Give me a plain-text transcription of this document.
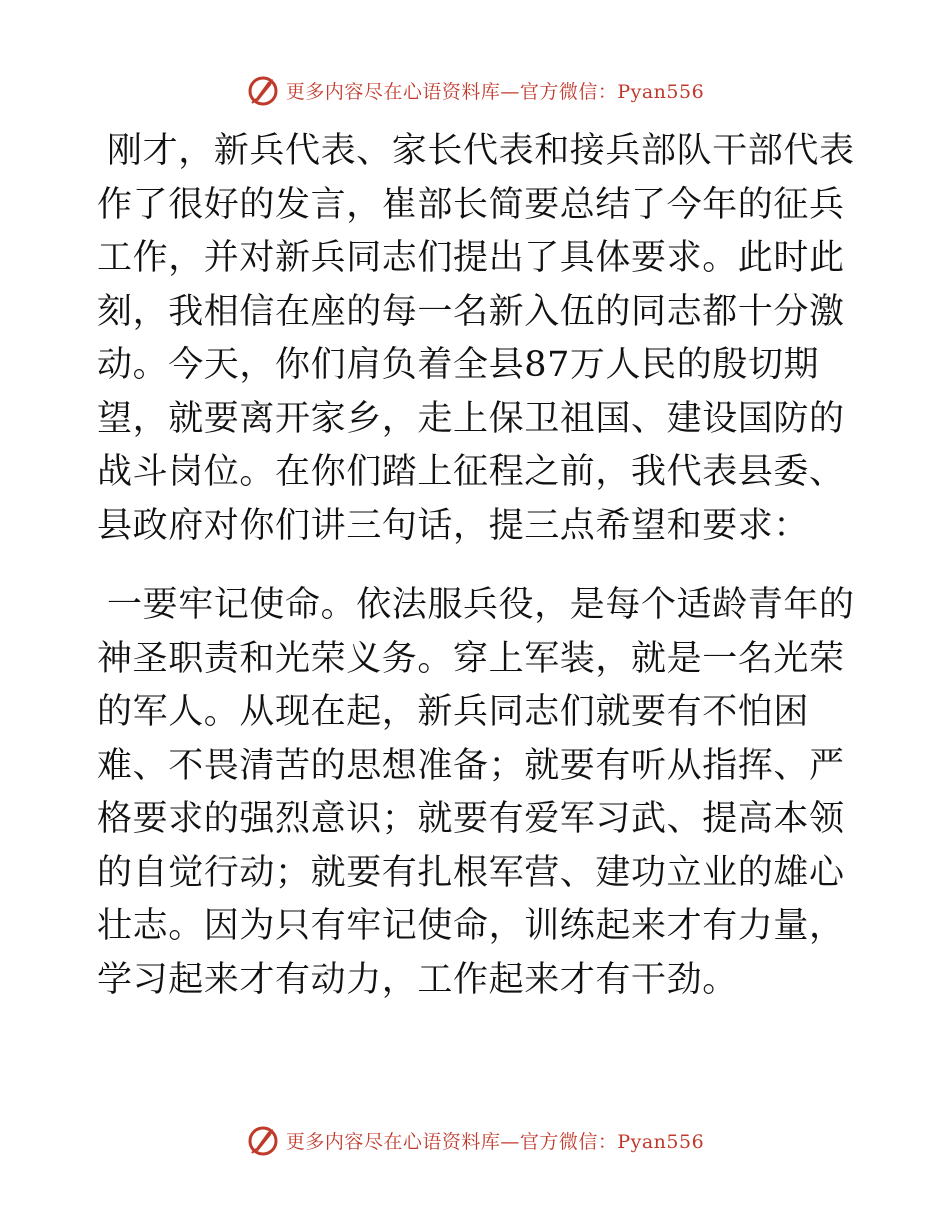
更多内容尽在心语资料库—官方微信：Pyan556

刚才，新兵代表、家长代表和接兵部队干部代表作了很好的发言，崔部长简要总结了今年的征兵工作，并对新兵同志们提出了具体要求。此时此刻，我相信在座的每一名新入伍的同志都十分激动。今天，你们肩负着全县87万人民的殷切期望，就要离开家乡，走上保卫祖国、建设国防的战斗岗位。在你们踏上征程之前，我代表县委、县政府对你们讲三句话，提三点希望和要求：

一要牢记使命。依法服兵役，是每个适龄青年的神圣职责和光荣义务。穿上军装，就是一名光荣的军人。从现在起，新兵同志们就要有不怕困难、不畏清苦的思想准备；就要有听从指挥、严格要求的强烈意识；就要有爱军习武、提高本领的自觉行动；就要有扎根军营、建功立业的雄心壮志。因为只有牢记使命，训练起来才有力量，学习起来才有动力，工作起来才有干劲。

更多内容尽在心语资料库—官方微信：Pyan556
